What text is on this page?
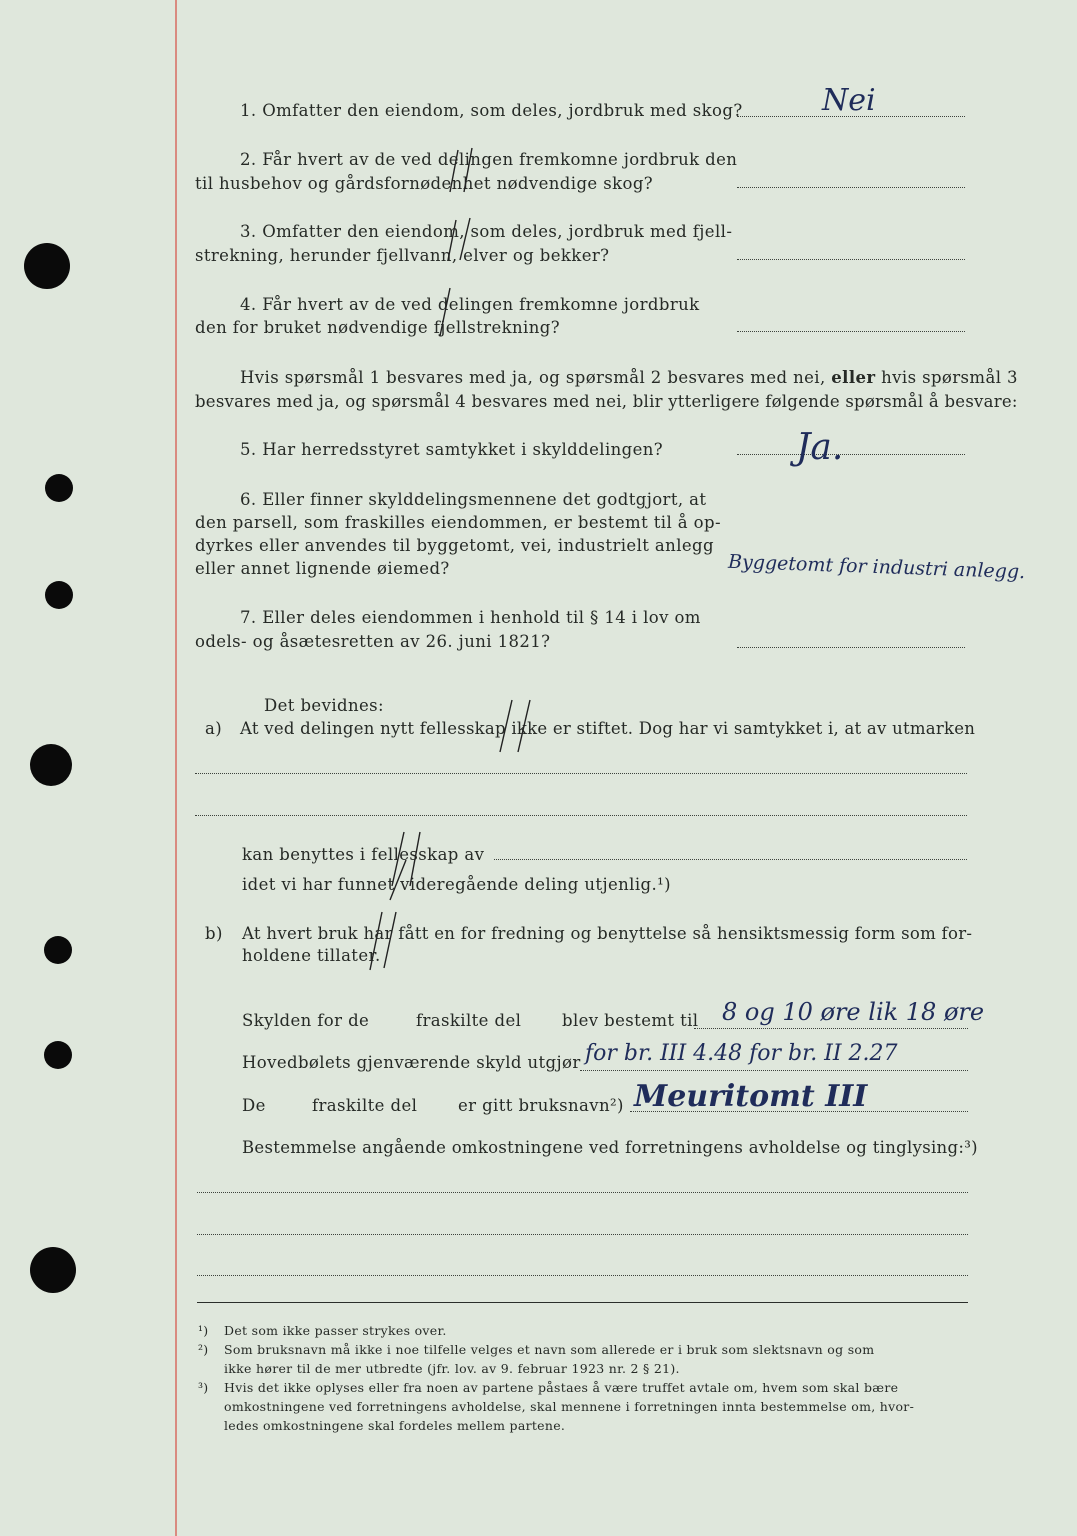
1. Omfatter den eiendom, som deles, jordbruk med skog?	Nei
2. Får hvert av de ved delingen fremkomne jordbruk den
til husbehov og gårdsfornødenhet nødvendige skog?
3. Omfatter den eiendom, som deles, jordbruk med fjell-
strekning, herunder fjellvann, elver og bekker?
4. Får hvert av de ved delingen fremkomne jordbruk
den for bruket nødvendige fjellstrekning?
Hvis spørsmål 1 besvares med ja, og spørsmål 2 besvares med nei, eller hvis spørsmål 3
besvares med ja, og spørsmål 4 besvares med nei, blir ytterligere følgende spørsmål å besvare:
5. Har herredsstyret samtykket i skylddelingen?	Ja.
6. Eller finner skylddelingsmennene det godtgjort, at
den parsell, som fraskilles eiendommen, er bestemt til å op-
dyrkes eller anvendes til byggetomt, vei, industrielt anlegg
eller annet lignende øiemed?	Byggetomt for industri anlegg.
7. Eller deles eiendommen i henhold til § 14 i lov om
odels- og åsætesretten av 26. juni 1821?
Det bevidnes:
a) At ved delingen nytt fellesskap ikke er stiftet. Dog har vi samtykket i, at av utmarken
kan benyttes i fellesskap av
idet vi har funnet videregående deling utjenlig.¹)
b) At hvert bruk har fått en for fredning og benyttelse så hensiktsmessig form som for-
holdene tillater.
Skylden for de	fraskilte del blev bestemt til 8 og 10 øre lik 18 øre
Hovedbølets gjenværende skyld utgjør for br. III 4.48 for br. II 2.27
De	fraskilte del er gitt bruksnavn²) Meuritomt III
Bestemmelse angående omkostningene ved forretningens avholdelse og tinglysing:³)
¹) Det som ikke passer strykes over.
²) Som bruksnavn må ikke i noe tilfelle velges et navn som allerede er i bruk som slektsnavn og som
ikke hører til de mer utbredte (jfr. lov. av 9. februar 1923 nr. 2 § 21).
³) Hvis det ikke oplyses eller fra noen av partene påstaes å være truffet avtale om, hvem som skal bære
omkostningene ved forretningens avholdelse, skal mennene i forretningen innta bestemmelse om, hvor-
ledes omkostningene skal fordeles mellem partene.
